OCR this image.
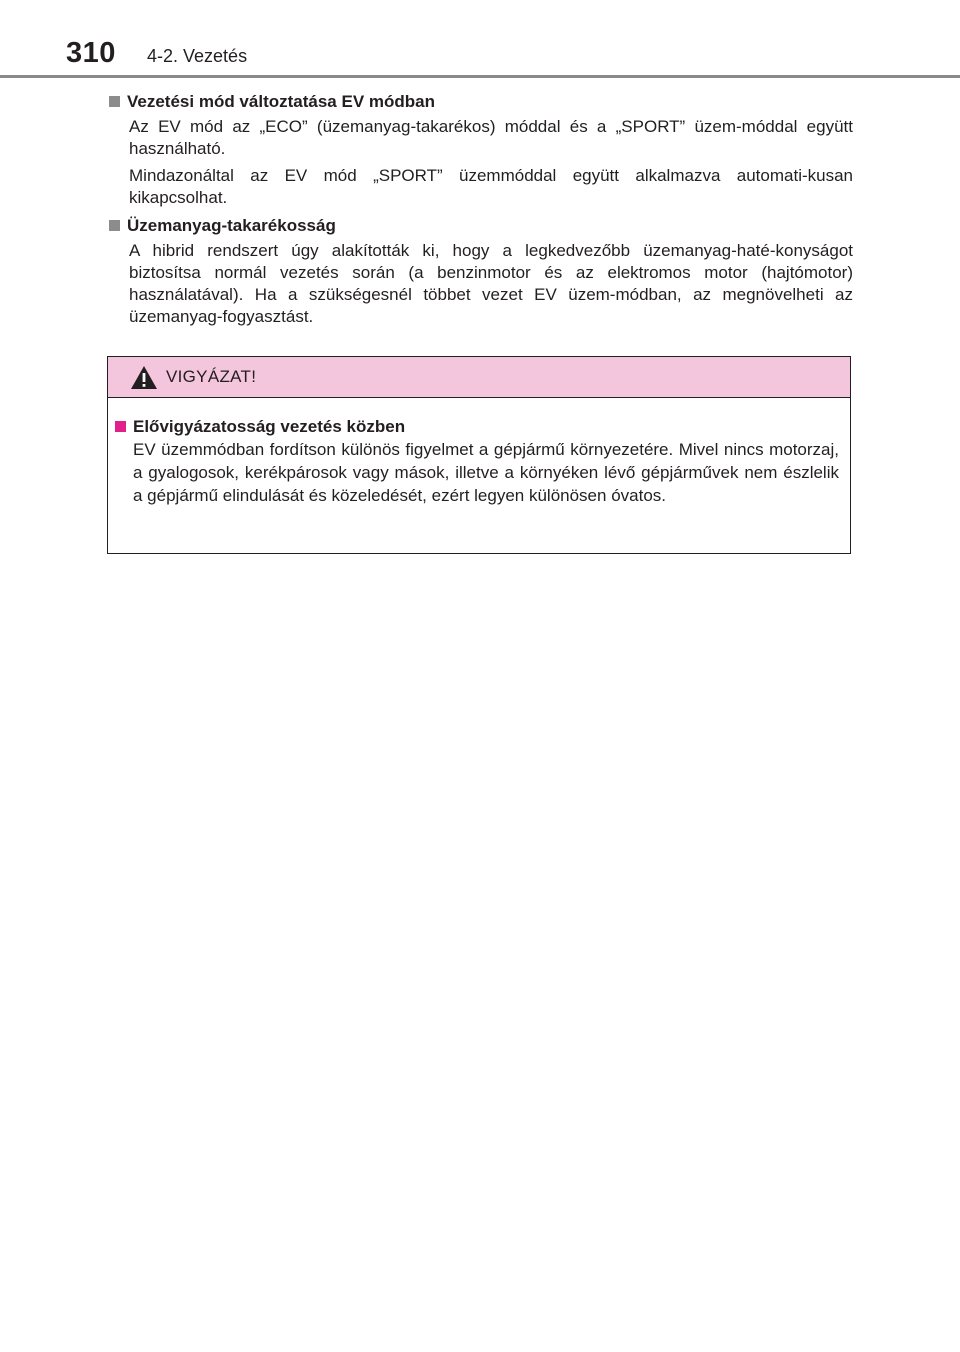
310 4-2. Vezetés
Vezetési mód változtatása EV módban

Az EV mód az „ECO” (üzemanyag-takarékos) móddal és a „SPORT” üzem-móddal együtt használható.

Mindazonáltal az EV mód „SPORT” üzemmóddal együtt alkalmazva automati-kusan kikapcsolhat.

Üzemanyag-takarékosság

A hibrid rendszert úgy alakították ki, hogy a legkedvezőbb üzemanyag-haté-konyságot biztosítsa normál vezetés során (a benzinmotor és az elektromos motor (hajtómotor) használatával). Ha a szükségesnél többet vezet EV üzem-módban, az megnövelheti az üzemanyag-fogyasztást.

VIGYÁZAT!
Elővigyázatosság vezetés közben
EV üzemmódban fordítson különös figyelmet a gépjármű környezetére. Mivel nincs motorzaj, a gyalogosok, kerékpárosok vagy mások, illetve a környéken lévő gépjárművek nem észlelik a gépjármű elindulását és közeledését, ezért legyen különösen óvatos.
